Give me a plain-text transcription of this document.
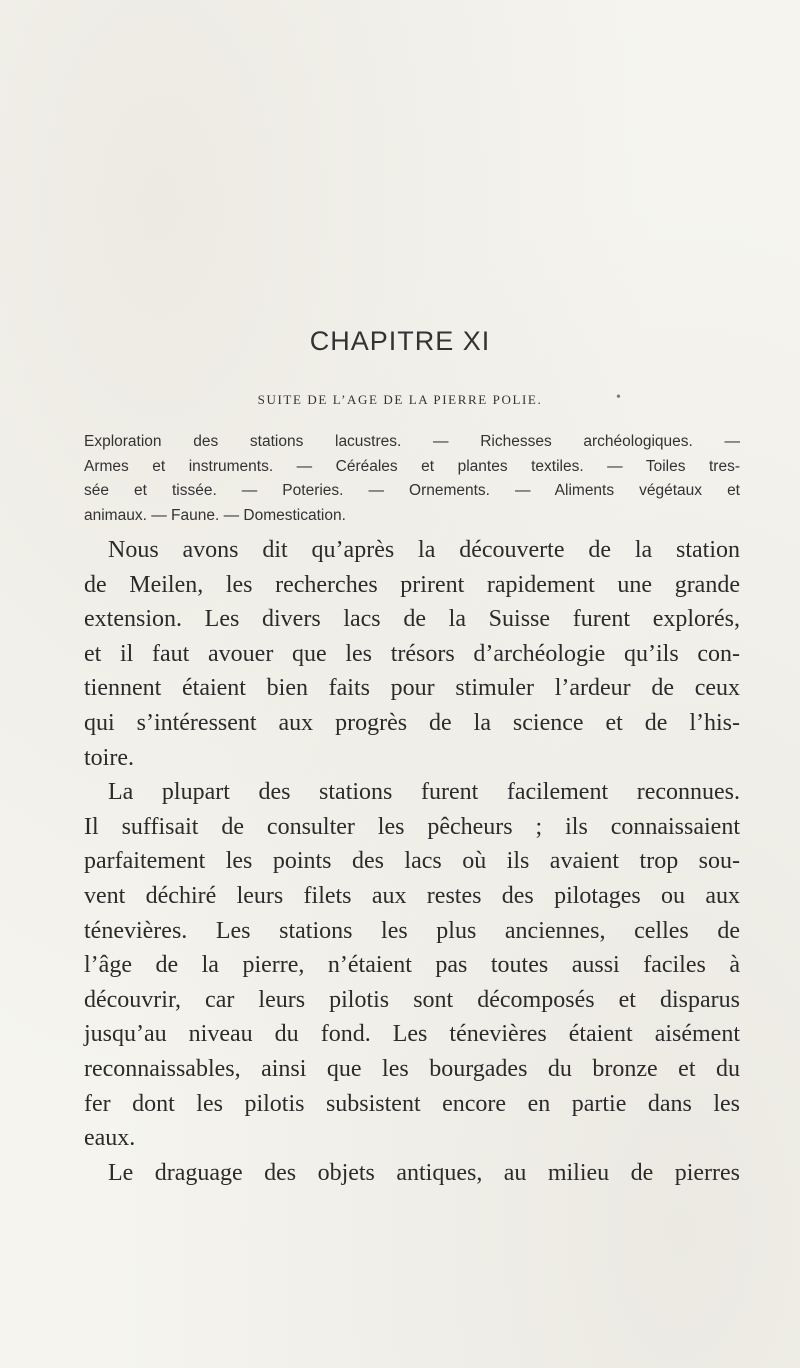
CHAPITRE XI
SUITE DE L’AGE DE LA PIERRE POLIE.	•
Exploration des stations lacustres. — Richesses archéologiques. —
Armes et instruments. — Céréales et plantes textiles. — Toiles tres-
sée et tissée. — Poteries. — Ornements. — Aliments végétaux et
animaux. — Faune. — Domestication.
Nous avons dit qu’après la découverte de la station
de Meilen, les recherches prirent rapidement une grande
extension. Les divers lacs de la Suisse furent explorés,
et il faut avouer que les trésors d’archéologie qu’ils con-
tiennent étaient bien faits pour stimuler l’ardeur de ceux
qui s’intéressent aux progrès de la science et de l’his-
toire.
La plupart des stations furent facilement reconnues.
Il suffisait de consulter les pêcheurs ; ils connaissaient
parfaitement les points des lacs où ils avaient trop sou-
vent déchiré leurs filets aux restes des pilotages ou aux
ténevières. Les stations les plus anciennes, celles de
l’âge de la pierre, n’étaient pas toutes aussi faciles à
découvrir, car leurs pilotis sont décomposés et disparus
jusqu’au niveau du fond. Les ténevières étaient aisément
reconnaissables, ainsi que les bourgades du bronze et du
fer dont les pilotis subsistent encore en partie dans les
eaux.
Le draguage des objets antiques, au milieu de pierres
